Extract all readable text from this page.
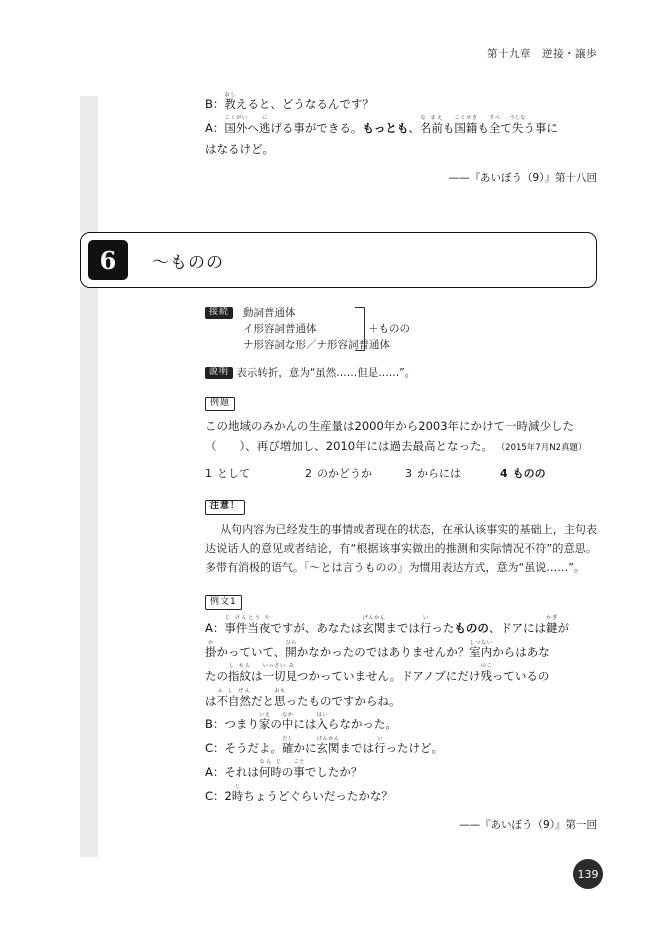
第十九章　逆接・譲歩
B：教おしえると、どうなるんです？
A：国外こくがいへ逃にげる事ができる。もっとも、名前な まえも国籍こくせきも全すべて失うしなう事に
はなるけど。
——『あいぼう（9）』第十八回
6	〜ものの
接続 動詞普通体
イ形容詞普通体
ナ形容詞な形／ナ形容詞普通体
＋ものの
説明 表示转折，意为“虽然……但是……”。
例題
この地域のみかんの生産量は2000年から2003年にかけて一時減少した（　　）、再び増加し、2010年には過去最高となった。 （2015年7月N2真題）
1 として	2 のかどうか	3 からには	4 ものの
注意！
从句内容为已经发生的事情或者现在的状态，在承认该事实的基础上，主句表达说话人的意见或者结论，有“根据该事实做出的推测和实际情况不符”的意思。多带有消极的语气。「〜とは言うものの」为惯用表达方式，意为“虽说……”。
例文1
A：事件じ けん当夜とう やですが、あなたは玄関げんかんまでは行いったものの、ドアには鍵かぎが
掛かかっていて、開ひらかなかったのではありませんか？室内しつないからはあな
たの指紋し もんは一切いっさい見みつかっていません。ドアノブにだけ残のこっているの
は不自然ふ し ぜんだと思おもったものですからね。
B：つまり家いえの中なかには入はいらなかった。
C：そうだよ。確たしかに玄関げんかんまでは行いったけど。
A：それは何時なん じの事ことでしたか？
C：2時じちょうどぐらいだったかな？
——『あいぼう（9）』第一回
139
